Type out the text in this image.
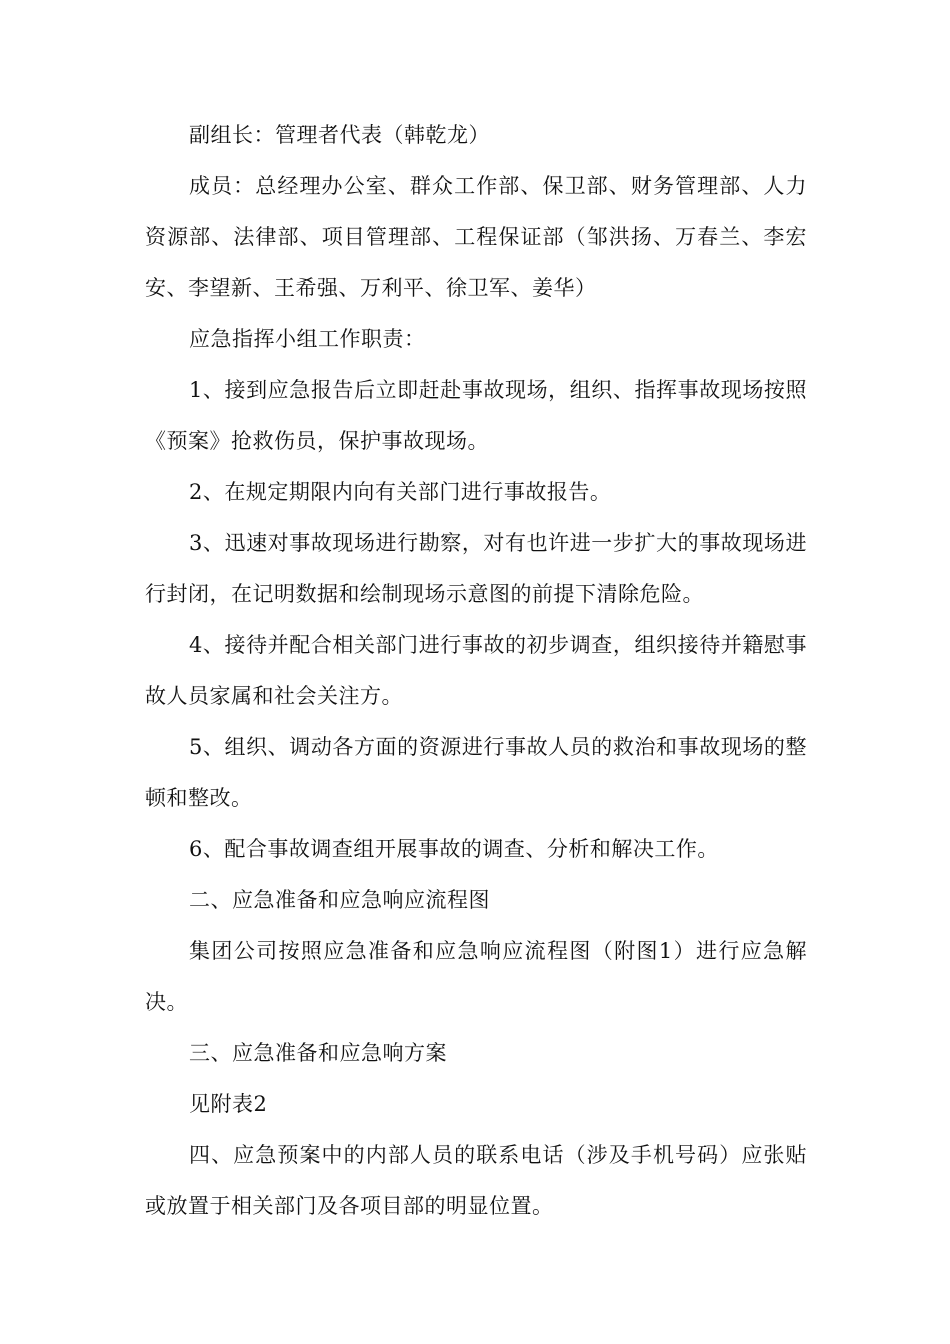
副组长：管理者代表（韩乾龙）

成员：总经理办公室、群众工作部、保卫部、财务管理部、人力资源部、法律部、项目管理部、工程保证部（邹洪扬、万春兰、李宏安、李望新、王希强、万利平、徐卫军、姜华）

应急指挥小组工作职责：

1、接到应急报告后立即赶赴事故现场，组织、指挥事故现场按照《预案》抢救伤员，保护事故现场。

2、在规定期限内向有关部门进行事故报告。

3、迅速对事故现场进行勘察，对有也许进一步扩大的事故现场进行封闭，在记明数据和绘制现场示意图的前提下清除危险。

4、接待并配合相关部门进行事故的初步调查，组织接待并籍慰事故人员家属和社会关注方。

5、组织、调动各方面的资源进行事故人员的救治和事故现场的整顿和整改。

6、配合事故调查组开展事故的调查、分析和解决工作。

二、应急准备和应急响应流程图

集团公司按照应急准备和应急响应流程图（附图1）进行应急解决。

三、应急准备和应急响方案

见附表2

四、应急预案中的内部人员的联系电话（涉及手机号码）应张贴或放置于相关部门及各项目部的明显位置。
